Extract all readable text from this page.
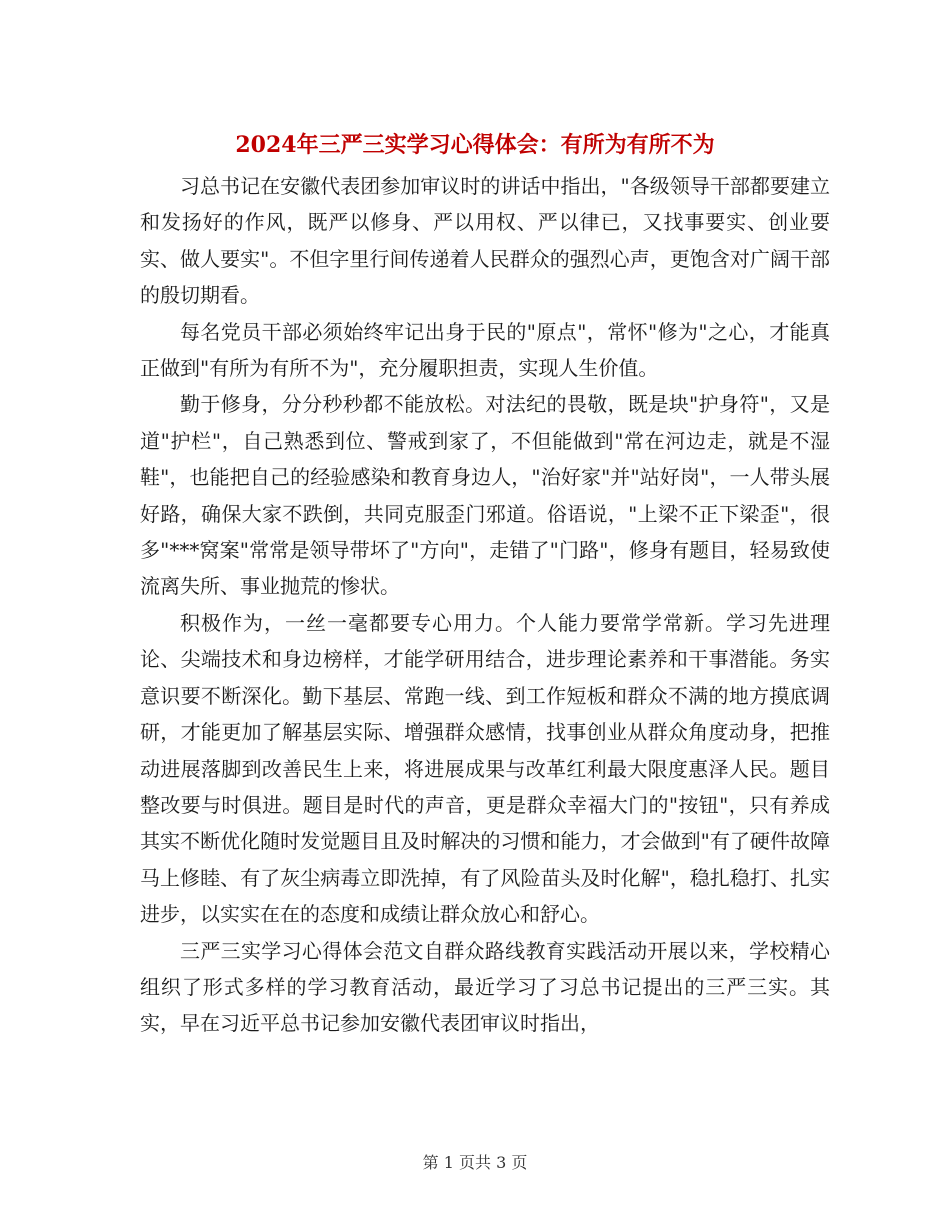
2024年三严三实学习心得体会：有所为有所不为

习总书记在安徽代表团参加审议时的讲话中指出，"各级领导干部都要建立和发扬好的作风，既严以修身、严以用权、严以律已，又找事要实、创业要实、做人要实"。不但字里行间传递着人民群众的强烈心声，更饱含对广阔干部的殷切期看。

每名党员干部必须始终牢记出身于民的"原点"，常怀"修为"之心，才能真正做到"有所为有所不为"，充分履职担责，实现人生价值。

勤于修身，分分秒秒都不能放松。对法纪的畏敬，既是块"护身符"，又是道"护栏"，自己熟悉到位、警戒到家了，不但能做到"常在河边走，就是不湿鞋"，也能把自己的经验感染和教育身边人，"治好家"并"站好岗"，一人带头展好路，确保大家不跌倒，共同克服歪门邪道。俗语说，"上梁不正下梁歪"，很多"***窝案"常常是领导带坏了"方向"，走错了"门路"，修身有题目，轻易致使流离失所、事业抛荒的惨状。

积极作为，一丝一毫都要专心用力。个人能力要常学常新。学习先进理论、尖端技术和身边榜样，才能学研用结合，进步理论素养和干事潜能。务实意识要不断深化。勤下基层、常跑一线、到工作短板和群众不满的地方摸底调研，才能更加了解基层实际、增强群众感情，找事创业从群众角度动身，把推动进展落脚到改善民生上来，将进展成果与改革红利最大限度惠泽人民。题目整改要与时俱进。题目是时代的声音，更是群众幸福大门的"按钮"，只有养成其实不断优化随时发觉题目且及时解决的习惯和能力，才会做到"有了硬件故障马上修睦、有了灰尘病毒立即洗掉，有了风险苗头及时化解"，稳扎稳打、扎实进步，以实实在在的态度和成绩让群众放心和舒心。

三严三实学习心得体会范文自群众路线教育实践活动开展以来，学校精心组织了形式多样的学习教育活动，最近学习了习总书记提出的三严三实。其实，早在习近平总书记参加安徽代表团审议时指出，

第 1 页共 3 页
